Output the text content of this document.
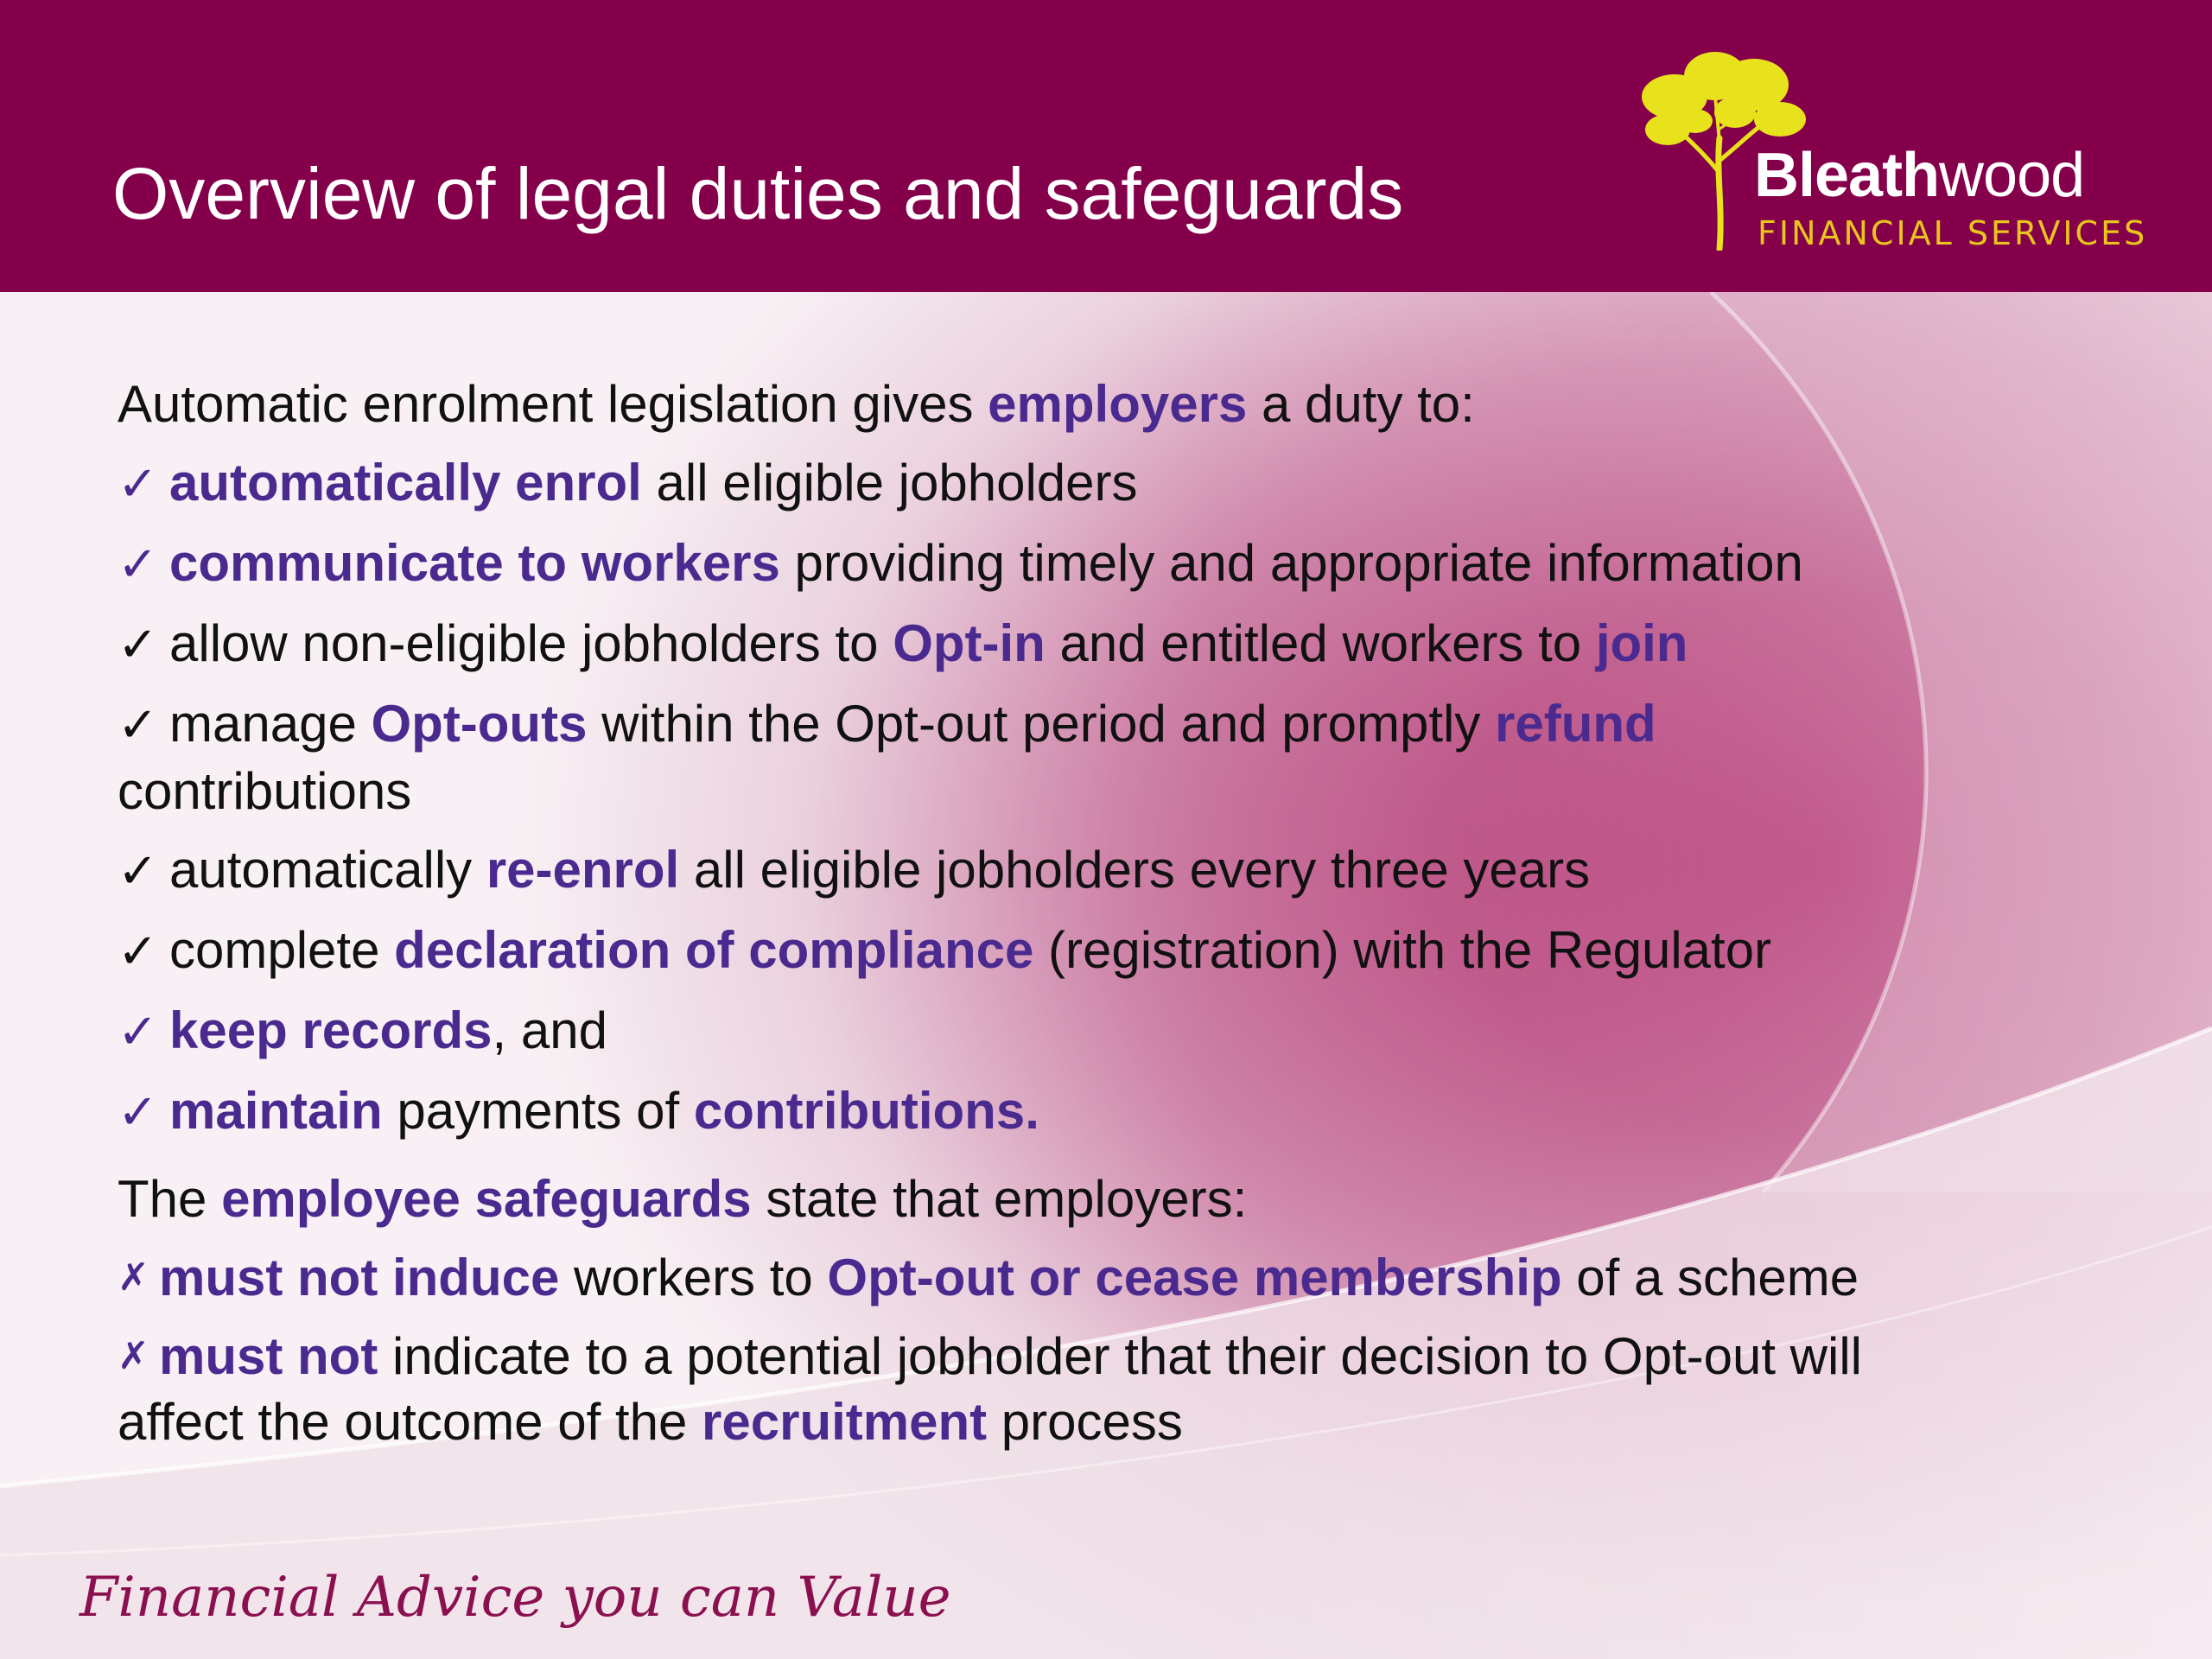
Overview of legal duties and safeguards	Bleathwood
FINANCIAL SERVICES

Automatic enrolment legislation gives employers a duty to:

✓ automatically enrol all eligible jobholders

✓ communicate to workers providing timely and appropriate information

✓ allow non-eligible jobholders to Opt-in and entitled workers to join

✓ manage Opt-outs within the Opt-out period and promptly refund

contributions

✓ automatically re-enrol all eligible jobholders every three years

✓ complete declaration of compliance (registration) with the Regulator

✓ keep records, and

✓ maintain payments of contributions.

The employee safeguards state that employers:

✗ must not induce workers to Opt-out or cease membership of a scheme

✗ must not indicate to a potential jobholder that their decision to Opt-out will

affect the outcome of the recruitment process

Financial Advice you can Value
